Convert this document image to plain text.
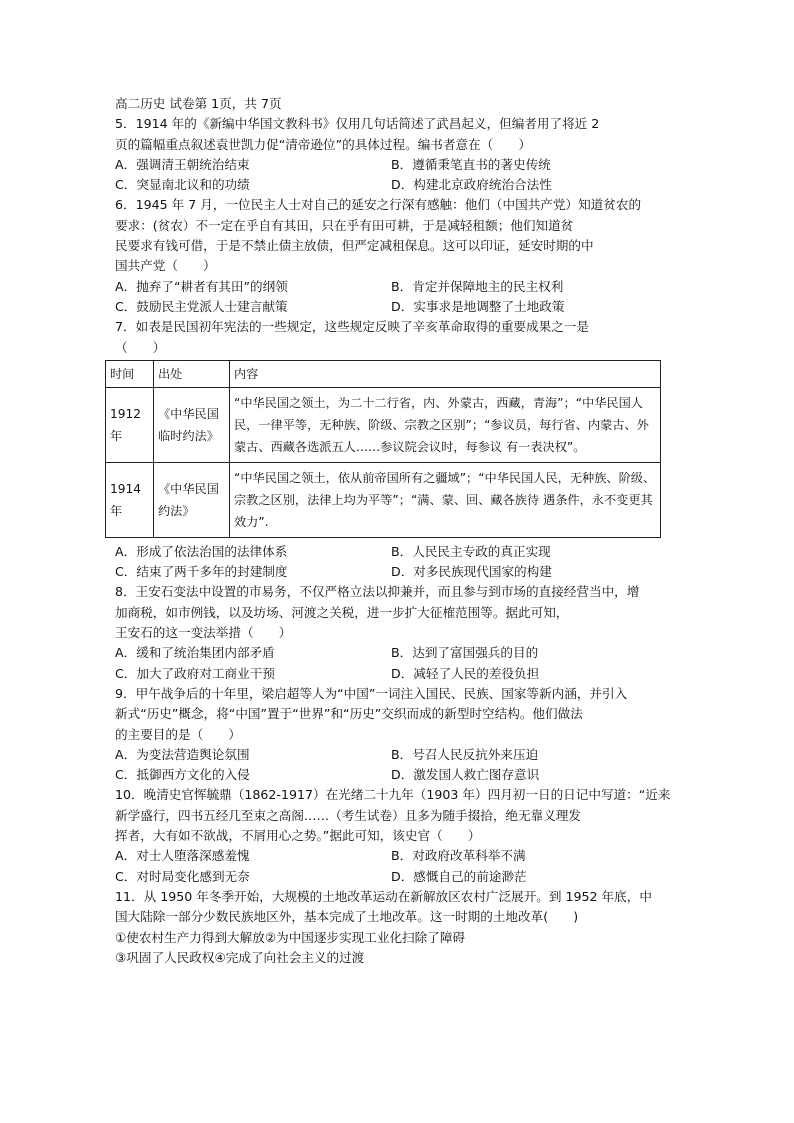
高二历史 试卷第 1页，共 7页
5．1914 年的《新编中华国文教科书》仅用几句话简述了武昌起义，但编者用了将近 2
页的篇幅重点叙述袁世凯力促“清帝逊位”的具体过程。编书者意在（　　）
A．强调清王朝统治结束	B．遵循秉笔直书的著史传统
C．突显南北议和的功绩	D．构建北京政府统治合法性
6．1945 年 7 月，一位民主人士对自己的延安之行深有感触：他们（中国共产党）知道贫农的
要求：(贫农）不一定在乎自有其田，只在乎有田可耕，于是减轻租额；他们知道贫
民要求有钱可借，于是不禁止债主放债，但严定减租保息。这可以印证，延安时期的中
国共产党（　　）
A．抛弃了“耕者有其田”的纲领	B．肯定并保障地主的民主权利
C．鼓励民主党派人士建言献策	D．实事求是地调整了土地政策
7．如表是民国初年宪法的一些规定，这些规定反映了辛亥革命取得的重要成果之一是
（　　）
时间	出处	内容
1912 年	《中华民国临时约法》	“中华民国之领土，为二十二行省，内、外蒙古，西藏，青海”；“中华民国人民，一律平等，无种族、阶级、宗教之区别”；“参议员，每行省、内蒙古、外蒙古、西藏各选派五人……参议院会议时，每参议 有一表决权”。
1914 年	《中华民国约法》	“中华民国之领土，依从前帝国所有之疆域”；“中华民国人民，无种族、阶级、宗教之区别，法律上均为平等”；“满、蒙、回、藏各族待 遇条件，永不变更其效力”.
A．形成了依法治国的法律体系	B．人民民主专政的真正实现
C．结束了两千多年的封建制度	D．对多民族现代国家的构建
8．王安石变法中设置的市易务，不仅严格立法以抑兼并，而且参与到市场的直接经营当中，增
加商税，如市例钱，以及坊场、河渡之关税，进一步扩大征榷范围等。据此可知，
王安石的这一变法举措（　　）
A．缓和了统治集团内部矛盾	B．达到了富国强兵的目的
C．加大了政府对工商业干预	D．减轻了人民的差役负担
9．甲午战争后的十年里，梁启超等人为“中国”一词注入国民、民族、国家等新内涵，并引入
新式“历史”概念，将“中国”置于“世界”和“历史”交织而成的新型时空结构。他们做法
的主要目的是（　　）
A．为变法营造舆论氛围	B．号召人民反抗外来压迫
C．抵御西方文化的入侵	D．激发国人救亡图存意识
10．晚清史官恽毓鼎（1862-1917）在光绪二十九年（1903 年）四月初一日的日记中写道：“近来
新学盛行，四书五经几至束之高阁……（考生试卷）且多为随手掇拾，绝无靠义理发
挥者，大有如不欲战，不屑用心之势。”据此可知，该史官（　　）
A．对士人堕落深感羞愧	B．对政府改革科举不满
C．对时局变化感到无奈	D．感慨自己的前途渺茫
11．从 1950 年冬季开始，大规模的土地改革运动在新解放区农村广泛展开。到 1952 年底，中
国大陆除一部分少数民族地区外，基本完成了土地改革。这一时期的土地改革(　　)
①使农村生产力得到大解放②为中国逐步实现工业化扫除了障碍
③巩固了人民政权④完成了向社会主义的过渡
